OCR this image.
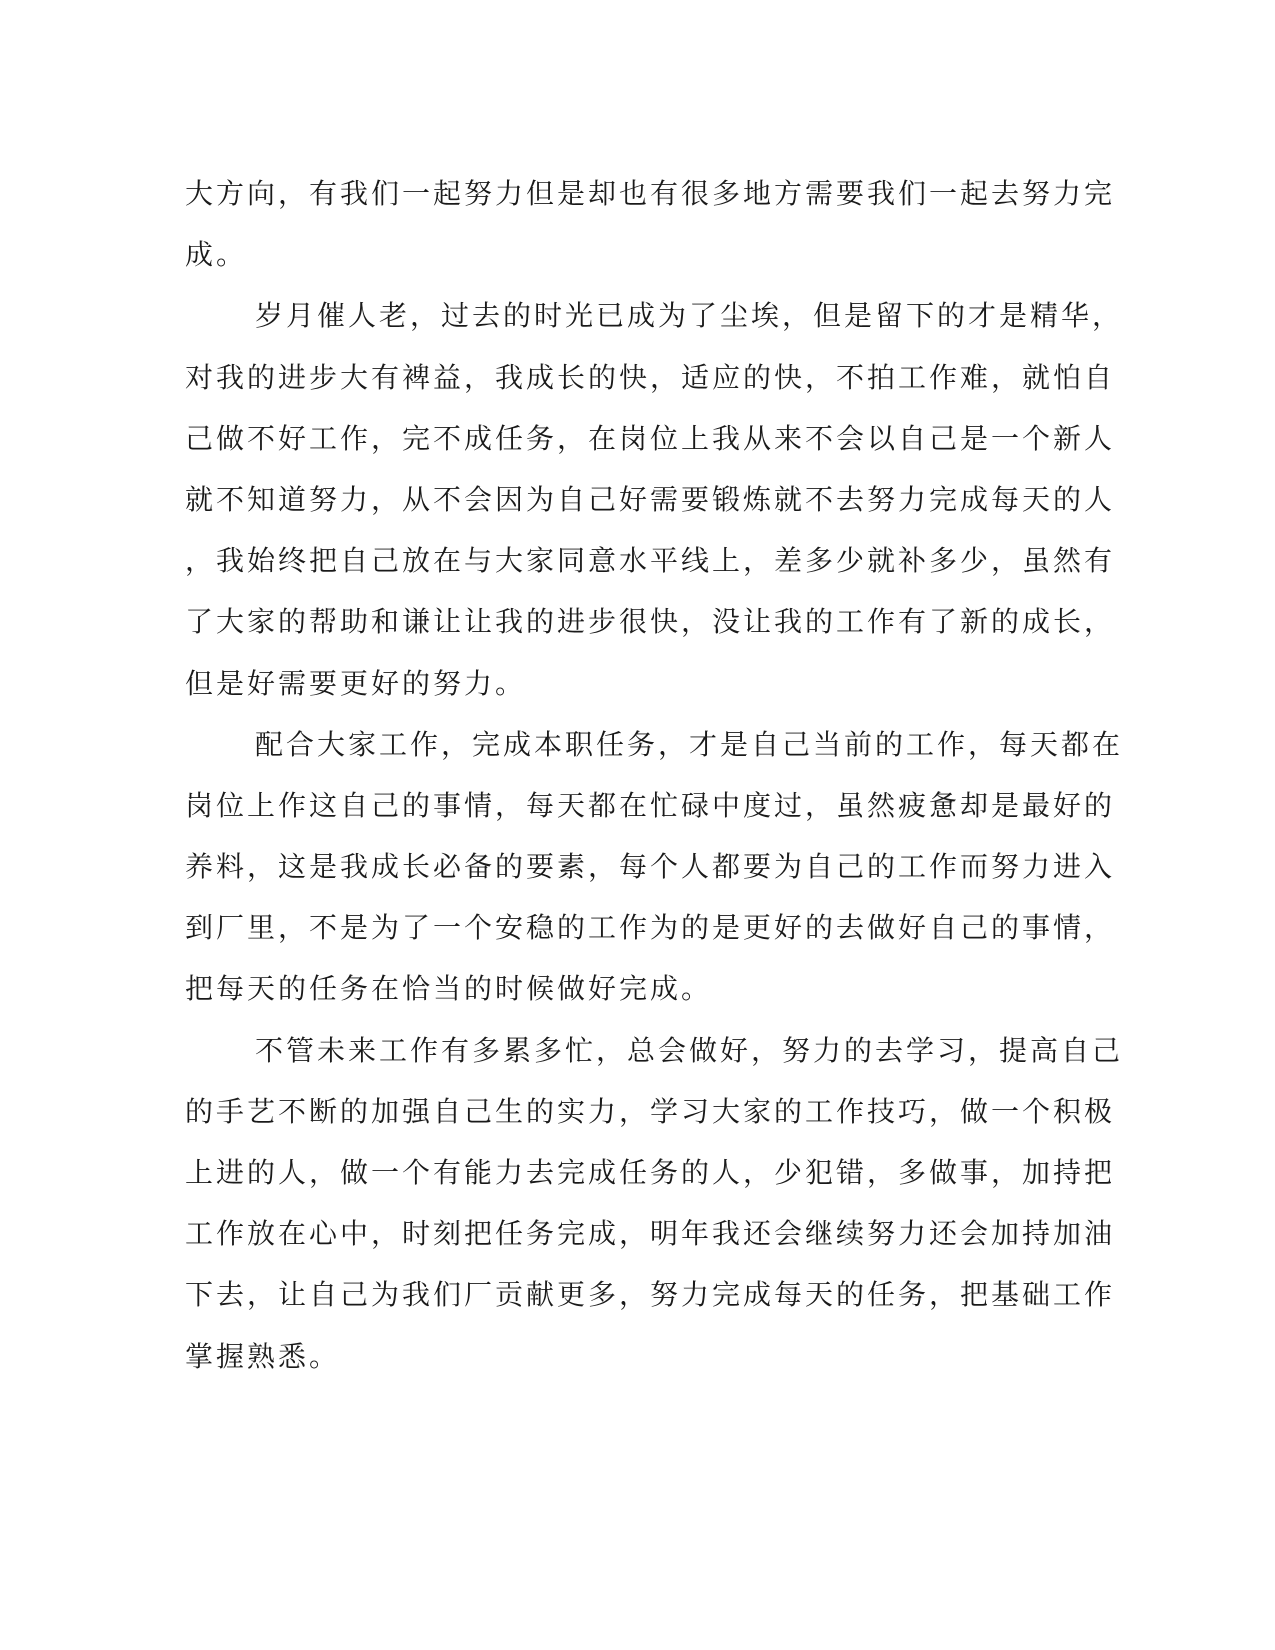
大方向，有我们一起努力但是却也有很多地方需要我们一起去努力完
成。
岁月催人老，过去的时光已成为了尘埃，但是留下的才是精华，
对我的进步大有裨益，我成长的快，适应的快，不拍工作难，就怕自
己做不好工作，完不成任务，在岗位上我从来不会以自己是一个新人
就不知道努力，从不会因为自己好需要锻炼就不去努力完成每天的人
，我始终把自己放在与大家同意水平线上，差多少就补多少，虽然有
了大家的帮助和谦让让我的进步很快，没让我的工作有了新的成长，
但是好需要更好的努力。
配合大家工作，完成本职任务，才是自己当前的工作，每天都在
岗位上作这自己的事情，每天都在忙碌中度过，虽然疲惫却是最好的
养料，这是我成长必备的要素，每个人都要为自己的工作而努力进入
到厂里，不是为了一个安稳的工作为的是更好的去做好自己的事情，
把每天的任务在恰当的时候做好完成。
不管未来工作有多累多忙，总会做好，努力的去学习，提高自己
的手艺不断的加强自己生的实力，学习大家的工作技巧，做一个积极
上进的人，做一个有能力去完成任务的人，少犯错，多做事，加持把
工作放在心中，时刻把任务完成，明年我还会继续努力还会加持加油
下去，让自己为我们厂贡献更多，努力完成每天的任务，把基础工作
掌握熟悉。
